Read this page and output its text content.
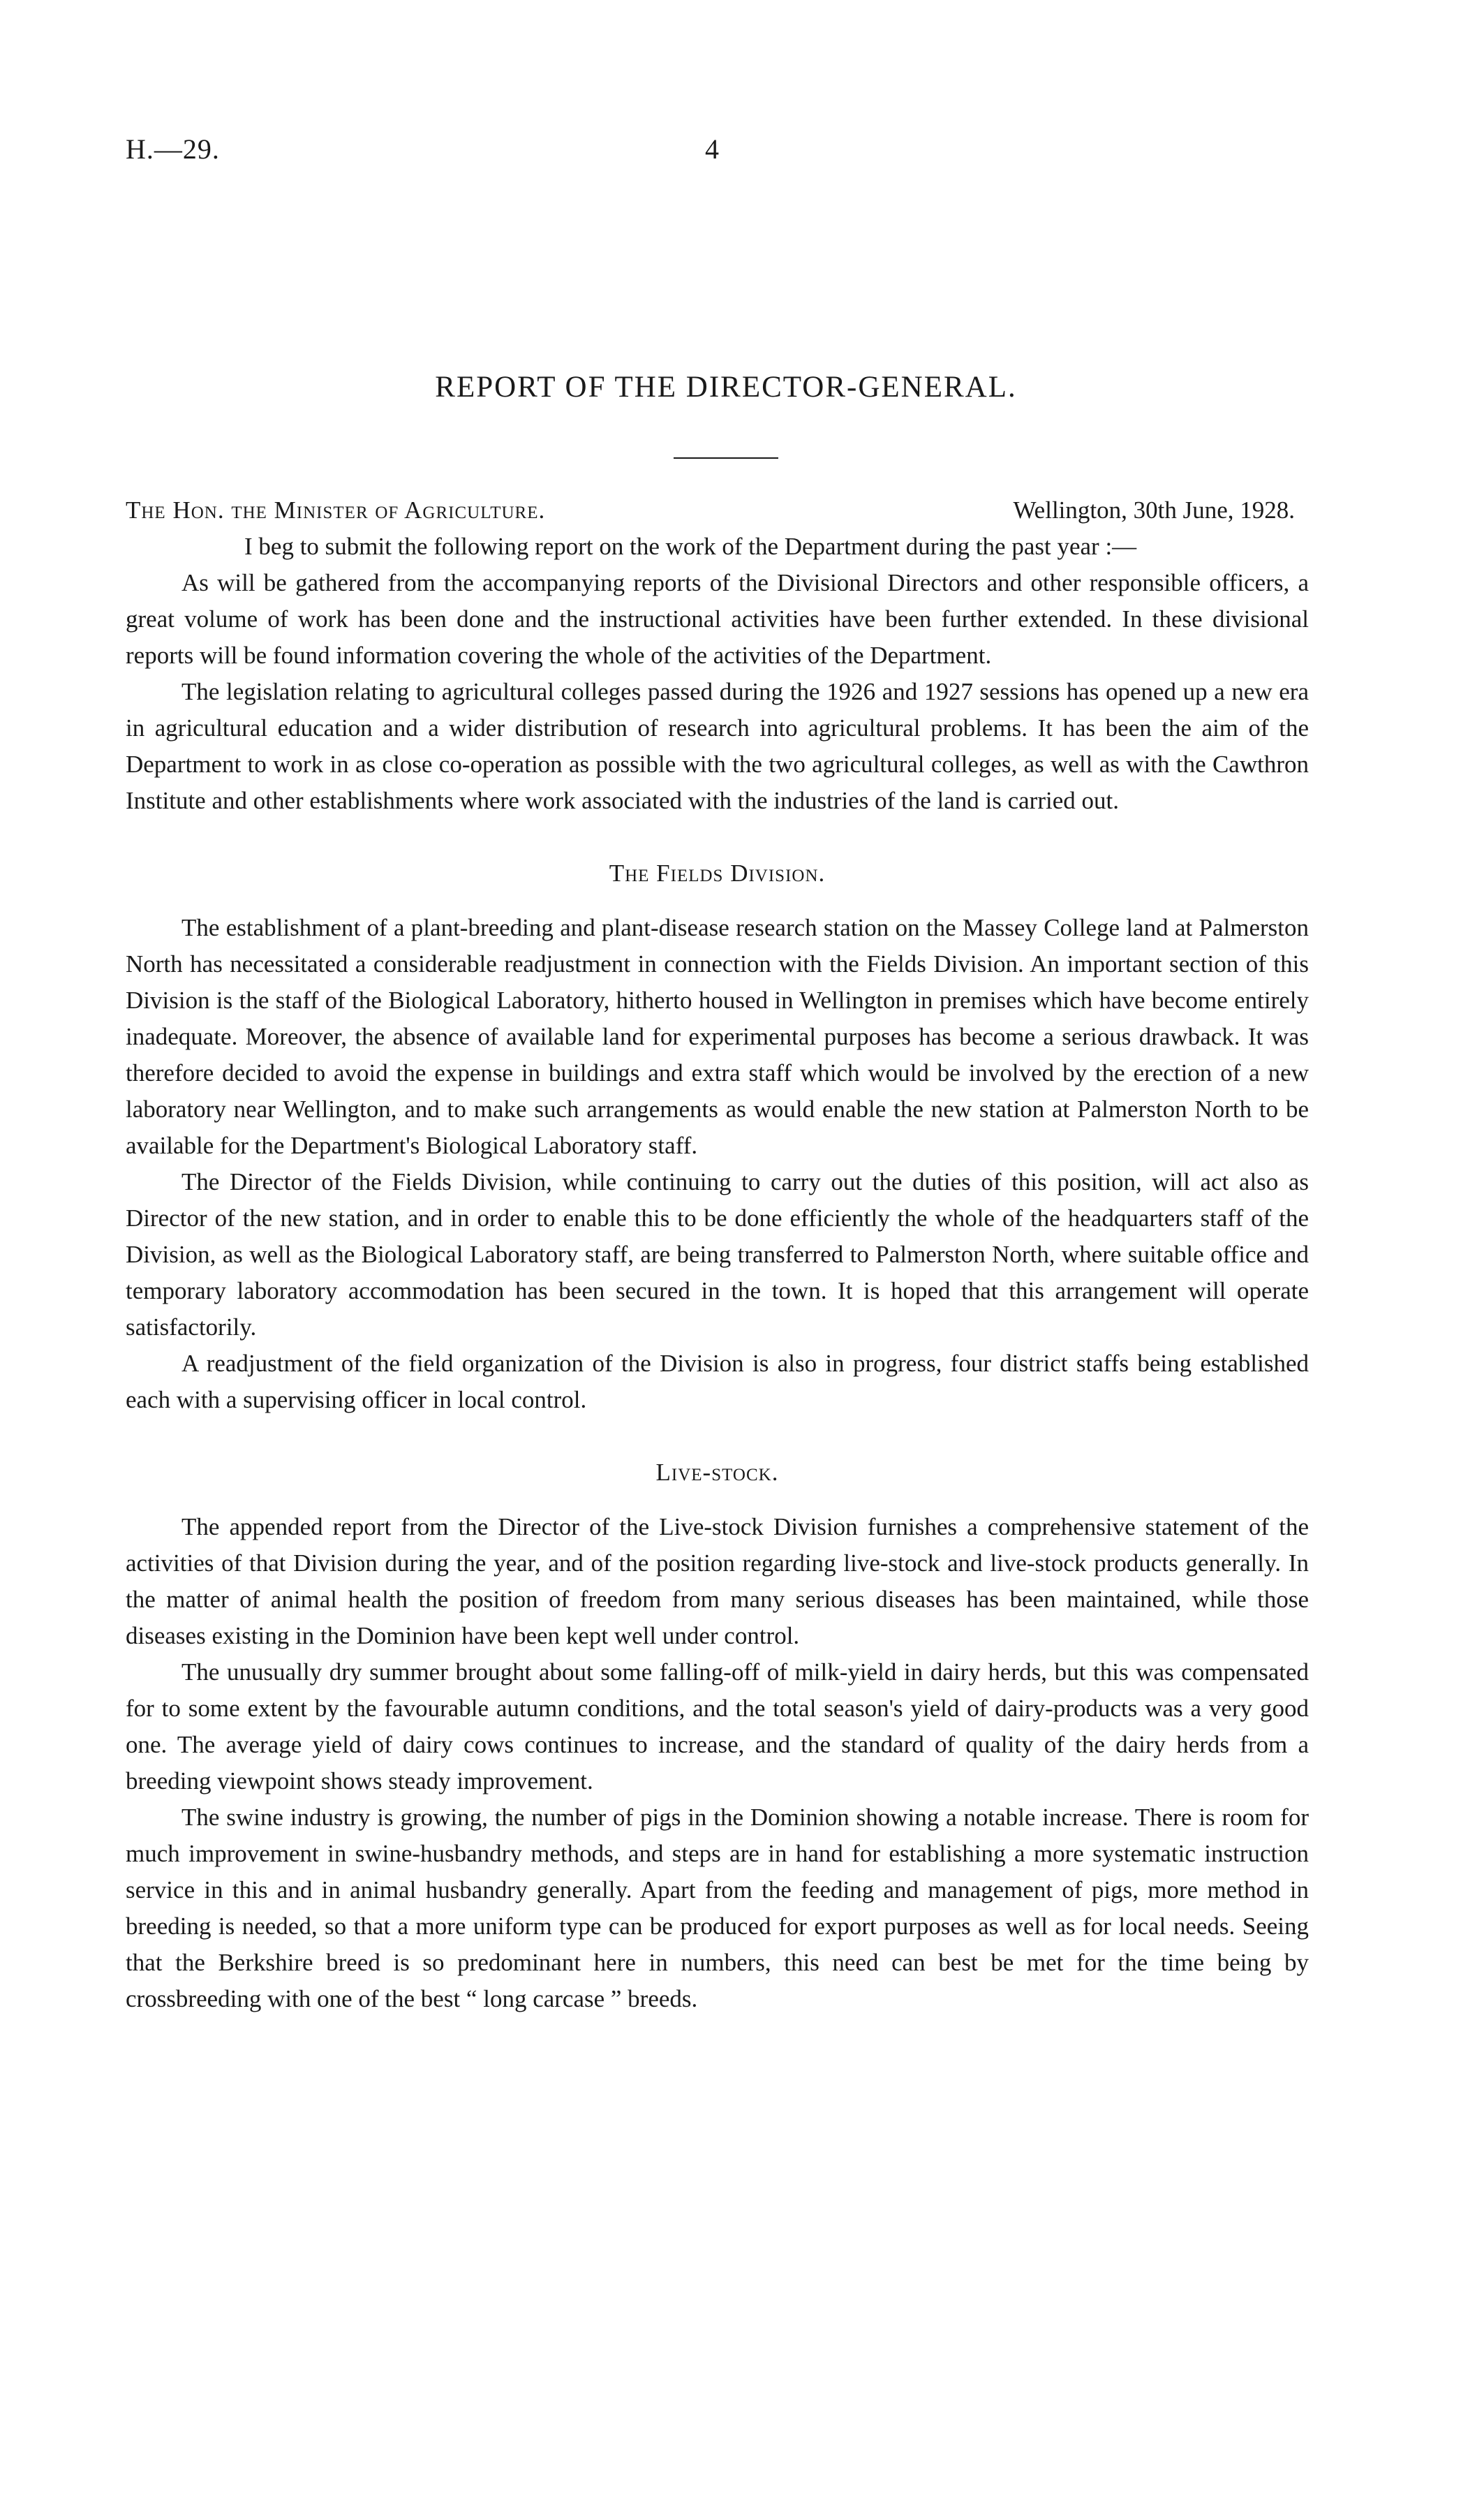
H.—29.	4
REPORT OF THE DIRECTOR-GENERAL.
The Hon. the Minister of Agriculture.	Wellington, 30th June, 1928.

I beg to submit the following report on the work of the Department during the past year :—

As will be gathered from the accompanying reports of the Divisional Directors and other responsible officers, a great volume of work has been done and the instructional activities have been further extended. In these divisional reports will be found information covering the whole of the activities of the Department.

The legislation relating to agricultural colleges passed during the 1926 and 1927 sessions has opened up a new era in agricultural education and a wider distribution of research into agricultural problems. It has been the aim of the Department to work in as close co-operation as possible with the two agricultural colleges, as well as with the Cawthron Institute and other establishments where work associated with the industries of the land is carried out.

The Fields Division.

The establishment of a plant-breeding and plant-disease research station on the Massey College land at Palmerston North has necessitated a considerable readjustment in connection with the Fields Division. An important section of this Division is the staff of the Biological Laboratory, hitherto housed in Wellington in premises which have become entirely inadequate. Moreover, the absence of available land for experimental purposes has become a serious drawback. It was therefore decided to avoid the expense in buildings and extra staff which would be involved by the erection of a new laboratory near Wellington, and to make such arrangements as would enable the new station at Palmerston North to be available for the Department's Biological Laboratory staff.

The Director of the Fields Division, while continuing to carry out the duties of this position, will act also as Director of the new station, and in order to enable this to be done efficiently the whole of the headquarters staff of the Division, as well as the Biological Laboratory staff, are being transferred to Palmerston North, where suitable office and temporary laboratory accommodation has been secured in the town. It is hoped that this arrangement will operate satisfactorily.

A readjustment of the field organization of the Division is also in progress, four district staffs being established each with a supervising officer in local control.

Live-stock.

The appended report from the Director of the Live-stock Division furnishes a comprehensive statement of the activities of that Division during the year, and of the position regarding live-stock and live-stock products generally. In the matter of animal health the position of freedom from many serious diseases has been maintained, while those diseases existing in the Dominion have been kept well under control.

The unusually dry summer brought about some falling-off of milk-yield in dairy herds, but this was compensated for to some extent by the favourable autumn conditions, and the total season's yield of dairy-products was a very good one. The average yield of dairy cows continues to increase, and the standard of quality of the dairy herds from a breeding viewpoint shows steady improvement.

The swine industry is growing, the number of pigs in the Dominion showing a notable increase. There is room for much improvement in swine-husbandry methods, and steps are in hand for establishing a more systematic instruction service in this and in animal husbandry generally. Apart from the feeding and management of pigs, more method in breeding is needed, so that a more uniform type can be produced for export purposes as well as for local needs. Seeing that the Berkshire breed is so predominant here in numbers, this need can best be met for the time being by crossbreeding with one of the best “ long carcase ” breeds.
